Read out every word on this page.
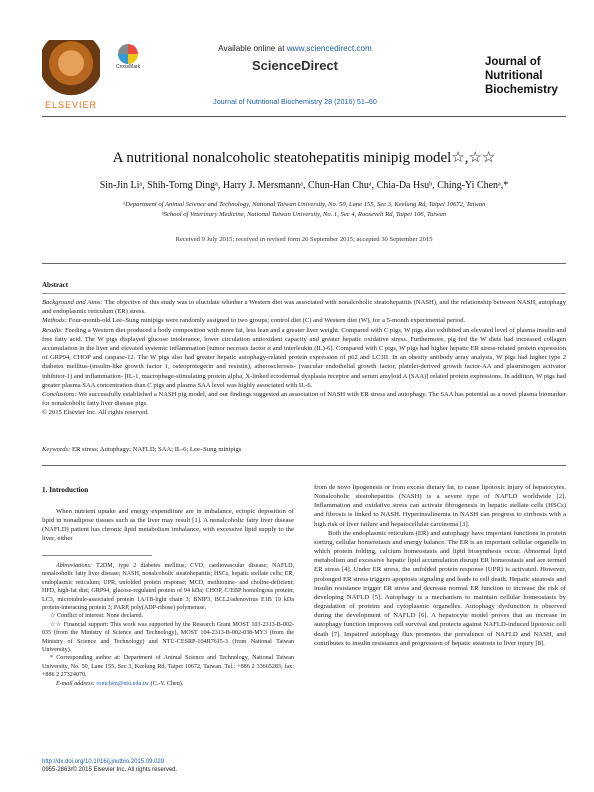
ELSEVIER
CrossMark
Available online at www.sciencedirect.com
ScienceDirect
Journal of Nutritional Biochemistry 28 (2016) 51–60
Journal of
Nutritional
Biochemistry
A nutritional nonalcoholic steatohepatitis minipig model☆,☆☆
Sin-Jin Liᵃ, Shih-Torng Dingᵃ, Harry J. Mersmannᵃ, Chun-Han Chuᵃ, Chia-Da Hsuᵇ, Ching-Yi Chenᵃ,*
ᵃDepartment of Animal Science and Technology, National Taiwan University, No. 50, Lane 155, Sec 3, Keelung Rd, Taipei 10672, Taiwan
ᵇSchool of Veterinary Medicine, National Taiwan University, No. 1, Sec 4, Roosevelt Rd, Taipei 106, Taiwan
Received 9 July 2015; received in revised form 26 September 2015; accepted 30 September 2015
Abstract

Background and Aims: The objective of this study was to elucidate whether a Western diet was associated with nonalcoholic steatohepatitis (NASH), and the relationship between NASH, autophagy and endoplasmic reticulum (ER) stress.

Methods: Four-month-old Lee–Sung minipigs were randomly assigned to two groups; control diet (C) and Western diet (W), for a 5-month experimental period.

Results: Feeding a Western diet produced a body composition with more fat, less lean and a greater liver weight. Compared with C pigs, W pigs also exhibited an elevated level of plasma insulin and free fatty acid. The W pigs displayed glucose intolerance, lower circulation antioxidant capacity and greater hepatic oxidative stress. Furthermore, pig fed the W diets had increased collagen accumulation in the liver and elevated systemic inflammation [tumor necrosis factor α and interleukin (IL)-6]. Compared with C pigs, W pigs had higher hepatic ER stress-related protein expression of GRP94, CHOP and caspase-12. The W pigs also had greater hepatic autophagy-related protein expression of p62 and LC3II. In an obesity antibody array analysis, W pigs had higher type 2 diabetes mellitus-(insulin-like growth factor 1, osteoprotegerin and resistin), atherosclerosis- (vascular endothelial growth factor, platelet-derived growth factor-AA and plasminogen activator inhibitor-1) and inflammation- [IL-1, macrophage-stimulating protein alpha, X-linked ectodermal dysplasia receptor and serum amyloid A (SAA)] related protein expressions. In addition, W pigs had greater plasma SAA concentration than C pigs and plasma SAA level was highly associated with IL-6.

Conclusions: We successfully established a NASH pig model, and our findings suggested an association of NASH with ER stress and autophagy. The SAA has potential as a novel plasma biomarker for nonalcoholic fatty liver disease pigs.

© 2015 Elsevier Inc. All rights reserved.

Keywords: ER stress; Autophagy; NAFLD; SAA; IL-6; Lee–Sung minipigs
1. Introduction

When nutrient uptake and energy expenditure are in imbalance, ectopic deposition of lipid in nonadipose tissues such as the liver may result [1]. A nonalcoholic fatty liver disease (NAFLD) patient has chronic lipid metabolism imbalance, with excessive lipid supply to the liver, either

Abbreviations: T2DM, type 2 diabetes mellitus; CVD, cardiovascular disease; NAFLD, nonalcoholic fatty liver disease; NASH, nonalcoholic steatohepatitis; HSCs, hepatic stellate cells; ER, endoplasmic reticulum; UPR, unfolded protein response; MCD, methionine- and choline-deficient; HFD, high-fat diet; GRP94, glucose-regulated protein of 94 kDa; CHOP, C/EBP homologous protein; LC3, microtubule-associated protein 1A/1B-light chain 3; BNIP3, BCL2/adenovirus E1B 19 kDa protein-interacting protein 3; PARP, poly(ADP-ribose) polymerase.

☆ Conflict of interest: None declared.

☆☆ Financial support: This work was supported by the Research Grant MOST 103-2313-B-002-035 (from the Ministry of Science and Technology), MOST 104-2313-B-002-038-MY3 (from the Ministry of Science and Technology) and NTU-CESRP-104R7615-3 (from National Taiwan University).

* Corresponding author at: Department of Animal Science and Technology, National Taiwan University, No. 50, Lane 155, Sec 3, Keelung Rd, Taipei 10672, Taiwan. Tel.: +886 2 33665283; fax: +886 2 27324070.

E-mail address: ronichen@ntu.edu.tw (C.-Y. Chen).

from de novo lipogenesis or from excess dietary fat, to cause lipotoxic injury of hepatocytes. Nonalcoholic steatohepatitis (NASH) is a severe type of NAFLD worldwide [2]. Inflammation and oxidative stress can activate fibrogenesis in hepatic stellate cells (HSCs) and fibrosis is linked to NASH. Hyperinsulinemia in NASH can progress to cirrhosis with a high risk of liver failure and hepatocellular carcinoma [3].

Both the endoplasmic reticulum (ER) and autophagy have important functions in protein sorting, cellular homeostasis and energy balance. The ER is an important cellular organelle in which protein folding, calcium homeostasis and lipid biosynthesis occur. Abnormal lipid metabolism and excessive hepatic lipid accumulation disrupt ER homeostasis and are termed ER stress [4]. Under ER stress, the unfolded protein response (UPR) is activated. However, prolonged ER stress triggers apoptosis signaling and leads to cell death. Hepatic steatosis and insulin resistance trigger ER stress and decrease normal ER function to increase the risk of developing NAFLD [5]. Autophagy is a mechanism to maintain cellular homeostasis by degradation of proteins and cytoplasmic organelles. Autophagy dysfunction is observed during the development of NAFLD [6]. A hepatocyte model proves that an increase in autophagy function improves cell survival and protects against NAFLD-induced lipotoxic cell death [7]. Impaired autophagy flux promotes the prevalence of NAFLD and NASH, and contributes to insulin resistance and progression of hepatic steatosis to liver injury [8].

http://dx.doi.org/10.1016/j.jnutbio.2015.09.029
0955-2863/© 2015 Elsevier Inc. All rights reserved.
